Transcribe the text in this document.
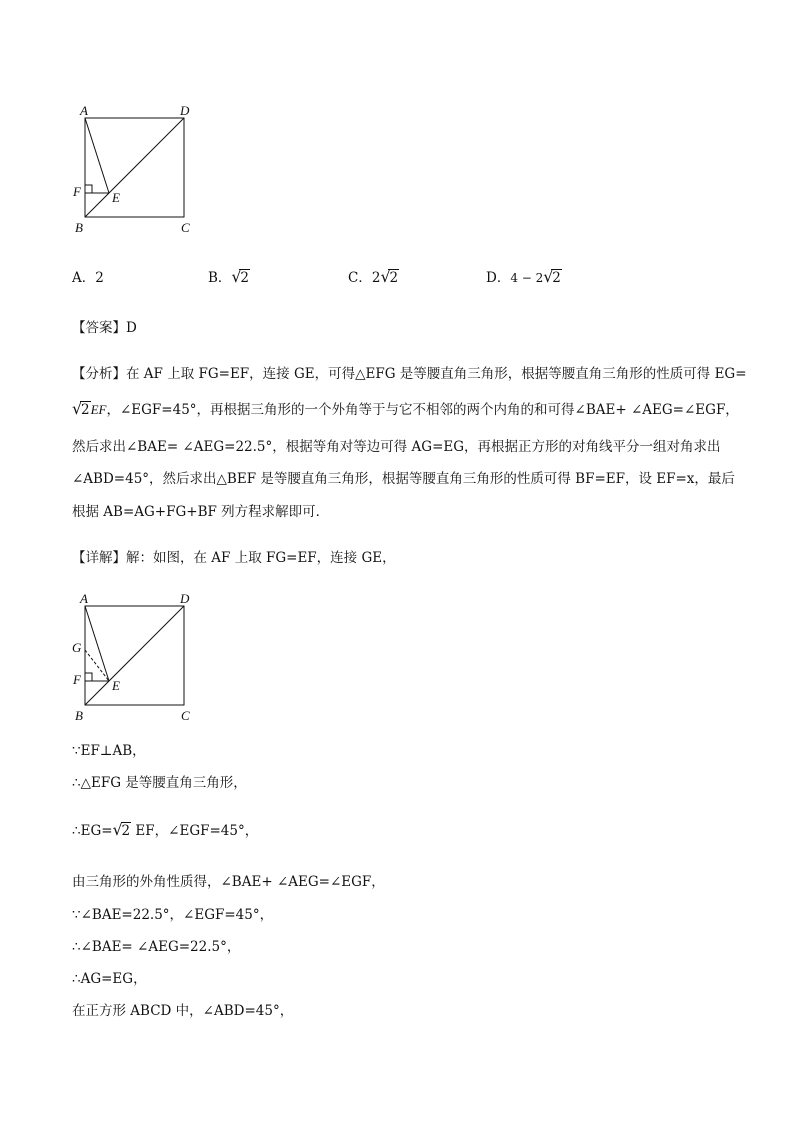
A	D
F E
B	C
A．2	B． √
2	C．2 √
2	D．4 − 2 √
2
【答案】D
【分析】在 AF 上取 FG=EF，连接 GE，可得△EFG 是等腰直角三角形，根据等腰直角三角形的性质可得 EG=
√
2EF，∠EGF=45°，再根据三角形的一个外角等于与它不相邻的两个内角的和可得∠BAE+ ∠AEG=∠EGF，
然后求出∠BAE= ∠AEG=22.5°，根据等角对等边可得 AG=EG，再根据正方形的对角线平分一组对角求出
∠ABD=45°，然后求出△BEF 是等腰直角三角形，根据等腰直角三角形的性质可得 BF=EF，设 EF=x，最后
根据 AB=AG+FG+BF 列方程求解即可．
【详解】解：如图，在 AF 上取 FG=EF，连接 GE，
A	D
G
F E
B	C
∵EF⊥AB，
∴△EFG 是等腰直角三角形，
∴EG= √
2 EF，∠EGF=45°，
由三角形的外角性质得，∠BAE+ ∠AEG=∠EGF，
∵∠BAE=22.5°，∠EGF=45°，
∴∠BAE= ∠AEG=22.5°，
∴AG=EG，
在正方形 ABCD 中，∠ABD=45°，
